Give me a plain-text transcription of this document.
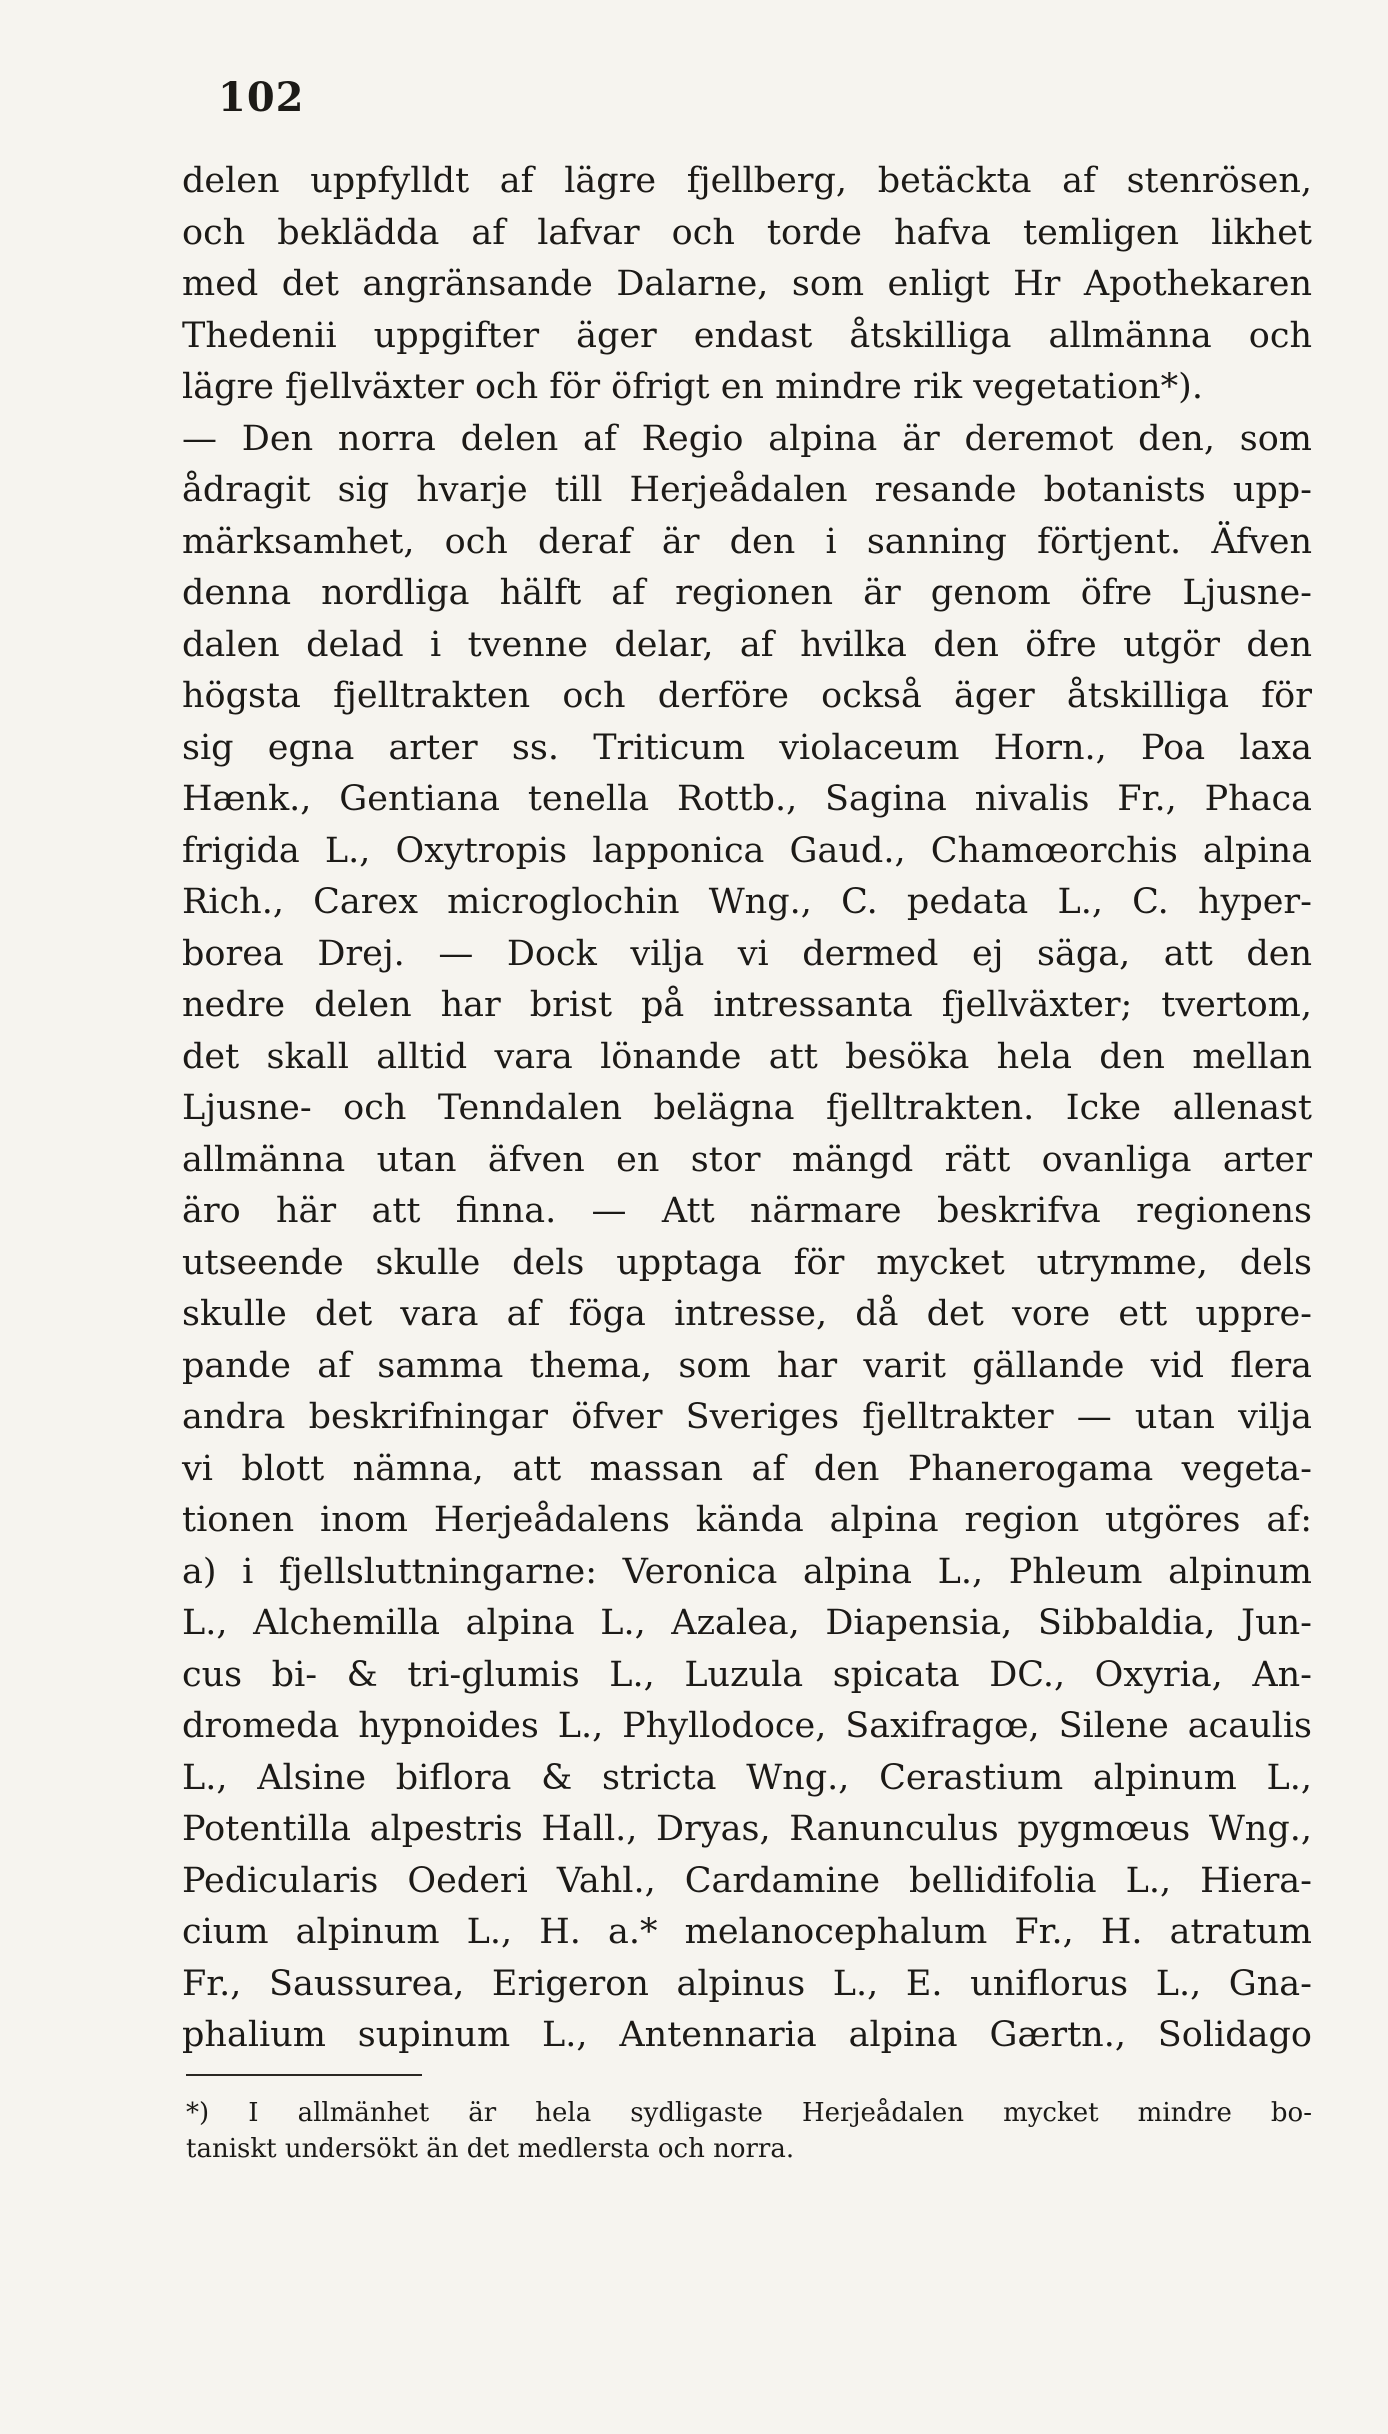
102
delen uppfylldt af lägre fjellberg, betäckta af stenrösen,
och beklädda af lafvar och torde hafva temligen likhet
med det angränsande Dalarne, som enligt Hr Apothekaren
Thedenii uppgifter äger endast åtskilliga allmänna och
lägre fjellväxter och för öfrigt en mindre rik vegetation*).
— Den norra delen af Regio alpina är deremot den, som
ådragit sig hvarje till Herjeådalen resande botanists upp-
märksamhet, och deraf är den i sanning förtjent. Äfven
denna nordliga hälft af regionen är genom öfre Ljusne-
dalen delad i tvenne delar, af hvilka den öfre utgör den
högsta fjelltrakten och derföre också äger åtskilliga för
sig egna arter ss. Triticum violaceum Horn., Poa laxa
Hænk., Gentiana tenella Rottb., Sagina nivalis Fr., Phaca
frigida L., Oxytropis lapponica Gaud., Chamœorchis alpina
Rich., Carex microglochin Wng., C. pedata L., C. hyper-
borea Drej. — Dock vilja vi dermed ej säga, att den
nedre delen har brist på intressanta fjellväxter; tvertom,
det skall alltid vara lönande att besöka hela den mellan
Ljusne- och Tenndalen belägna fjelltrakten. Icke allenast
allmänna utan äfven en stor mängd rätt ovanliga arter
äro här att finna. — Att närmare beskrifva regionens
utseende skulle dels upptaga för mycket utrymme, dels
skulle det vara af föga intresse, då det vore ett uppre-
pande af samma thema, som har varit gällande vid flera
andra beskrifningar öfver Sveriges fjelltrakter — utan vilja
vi blott nämna, att massan af den Phanerogama vegeta-
tionen inom Herjeådalens kända alpina region utgöres af:
a) i fjellsluttningarne: Veronica alpina L., Phleum alpinum
L., Alchemilla alpina L., Azalea, Diapensia, Sibbaldia, Jun-
cus bi- & tri-glumis L., Luzula spicata DC., Oxyria, An-
dromeda hypnoides L., Phyllodoce, Saxifragœ, Silene acaulis
L., Alsine biflora & stricta Wng., Cerastium alpinum L.,
Potentilla alpestris Hall., Dryas, Ranunculus pygmœus Wng.,
Pedicularis Oederi Vahl., Cardamine bellidifolia L., Hiera-
cium alpinum L., H. a.* melanocephalum Fr., H. atratum
Fr., Saussurea, Erigeron alpinus L., E. uniflorus L., Gna-
phalium supinum L., Antennaria alpina Gærtn., Solidago
*) I allmänhet är hela sydligaste Herjeådalen mycket mindre bo-
taniskt undersökt än det medlersta och norra.
